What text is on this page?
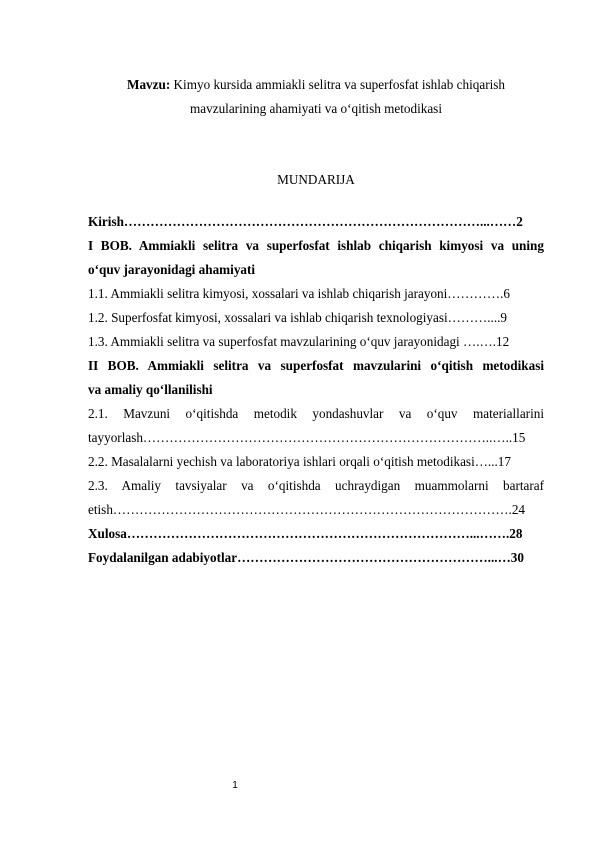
Mavzu: Kimyo kursida ammiakli selitra va superfosfat ishlab chiqarish
mavzularining ahamiyati va o‘qitish metodikasi
MUNDARIJA
Kirish………………………………………………………………………...……2
I BOB. Ammiakli selitra va superfosfat ishlab chiqarish kimyosi va uning
o‘quv jarayonidagi ahamiyati
1.1. Ammiakli selitra kimyosi, xossalari va ishlab chiqarish jarayoni………….6
1.2. Superfosfat kimyosi, xossalari va ishlab chiqarish texnologiyasi………....9
1.3. Ammiakli selitra va superfosfat mavzularining o‘quv jarayonidagi ….….12
II BOB. Ammiakli selitra va superfosfat mavzularini o‘qitish metodikasi
va amaliy qo‘llanilishi
2.1. Mavzuni o‘qitishda metodik yondashuvlar va o‘quv materiallarini
tayyorlash……………………………………………………………………..…..15
2.2. Masalalarni yechish va laboratoriya ishlari orqali o‘qitish metodikasi…...17
2.3. Amaliy tavsiyalar va o‘qitishda uchraydigan muammolarni bartaraf
etish……………………………………………………………………………….24
Xulosa……………………………………………………………………...…….28
Foydalanilgan adabiyotlar…………………………………………………...…30
1
